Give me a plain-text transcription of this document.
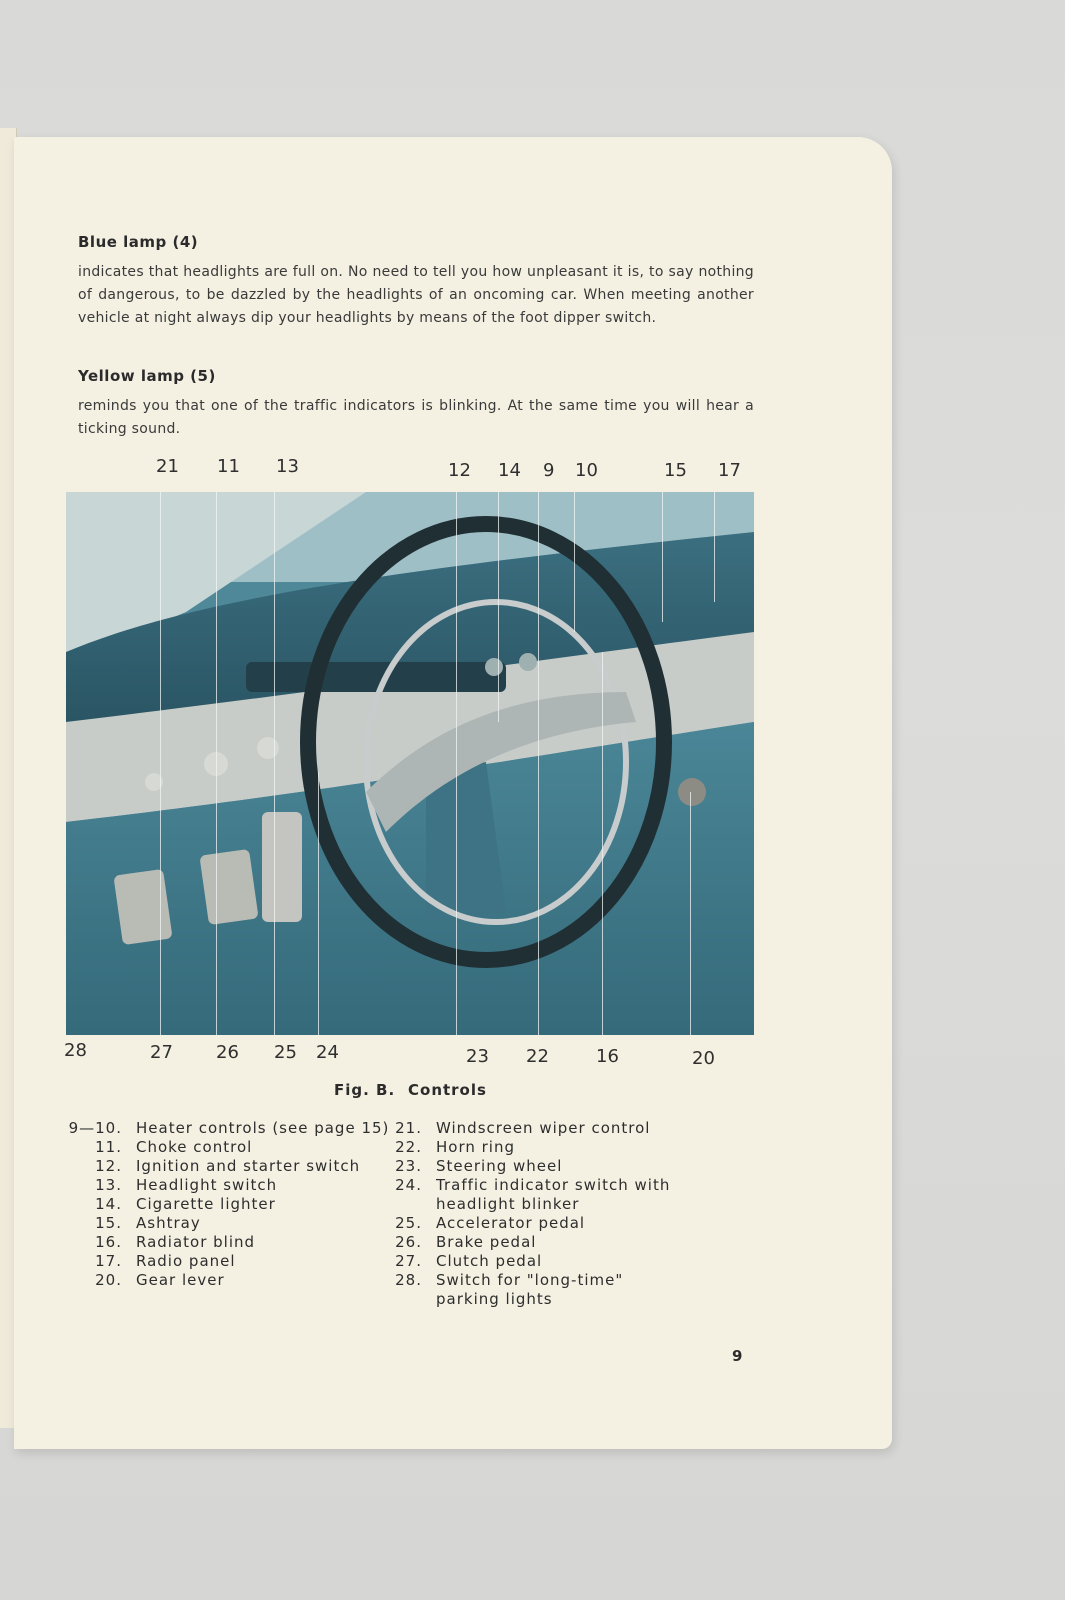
Blue lamp (4)
indicates that headlights are full on. No need to tell you how unpleasant it is, to say nothing of dangerous, to be dazzled by the headlights of an oncoming car. When meeting another vehicle at night always dip your headlights by means of the foot dipper switch.
Yellow lamp (5)
reminds you that one of the traffic indicators is blinking. At the same time you will hear a ticking sound.
Fig. B. Controls
9—10. Heater controls (see page 15)
11. Choke control
12. Ignition and starter switch
13. Headlight switch
14. Cigarette lighter
15. Ashtray
16. Radiator blind
17. Radio panel
20. Gear lever
21. Windscreen wiper control
22. Horn ring
23. Steering wheel
24. Traffic indicator switch with
headlight blinker
25. Accelerator pedal
26. Brake pedal
27. Clutch pedal
28. Switch for "long-time"
parking lights
9
21 11 13	12 14 9 10	15 17
28	27 26 25 24	23 22	16	20
